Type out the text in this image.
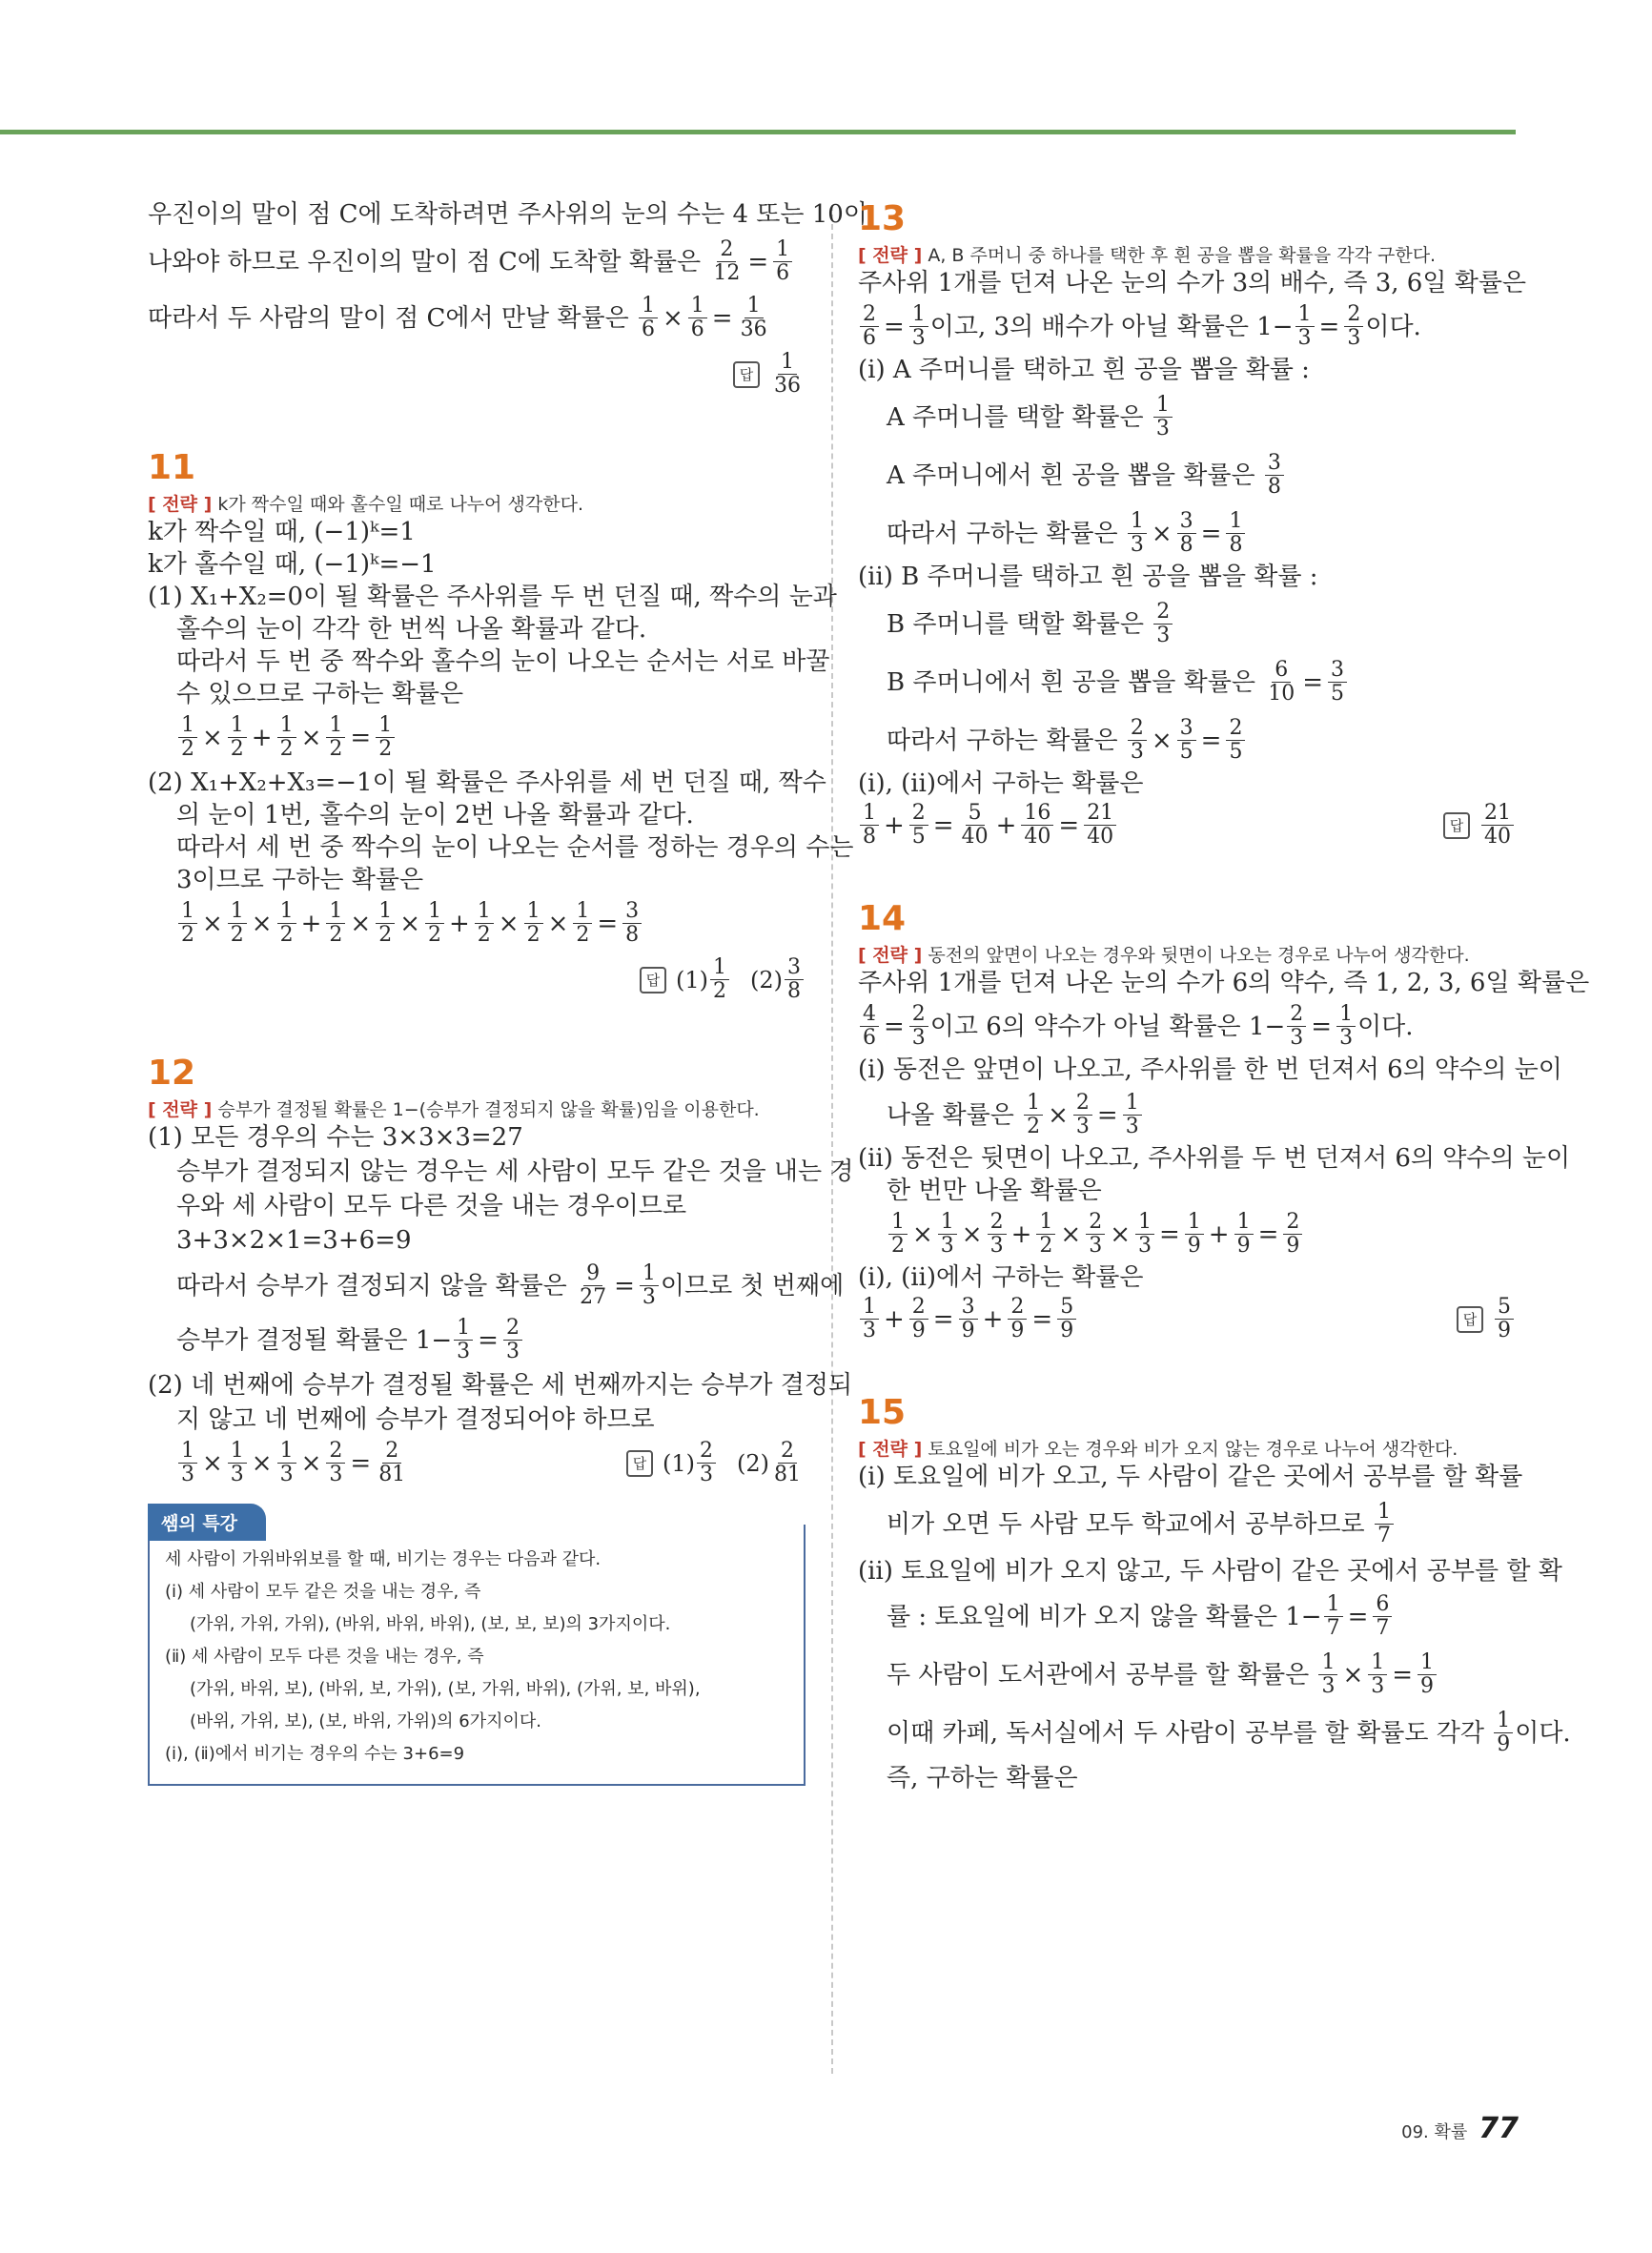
우진이의 말이 점 C에 도착하려면 주사위의 눈의 수는 4 또는 10이

나와야 하므로 우진이의 말이 점 C에 도착할 확률은
$\frac{2}{12} = \frac{1}{6}$
따라서 두 사람의 말이 점 C에서 만날 확률은
$\frac{1}{6} \times \frac{1}{6} = \frac{1}{36}$
답 $\frac{1}{36}$

11

[ 전략 ] k가 짝수일 때와 홀수일 때로 나누어 생각한다.

k가 짝수일 때, (−1)ᵏ=1

k가 홀수일 때, (−1)ᵏ=−1

(1) X₁+X₂=0이 될 확률은 주사위를 두 번 던질 때, 짝수의 눈과

홀수의 눈이 각각 한 번씩 나올 확률과 같다.

따라서 두 번 중 짝수와 홀수의 눈이 나오는 순서는 서로 바꿀

수 있으므로 구하는 확률은

$\frac{1}{2} \times \frac{1}{2} + \frac{1}{2} \times \frac{1}{2} = \frac{1}{2}$

(2) X₁+X₂+X₃=−1이 될 확률은 주사위를 세 번 던질 때, 짝수

의 눈이 1번, 홀수의 눈이 2번 나올 확률과 같다.

따라서 세 번 중 짝수의 눈이 나오는 순서를 정하는 경우의 수는

3이므로 구하는 확률은

$\frac{1}{2} \times \frac{1}{2} \times \frac{1}{2} + \frac{1}{2} \times \frac{1}{2} \times \frac{1}{2} + \frac{1}{2} \times \frac{1}{2} \times \frac{1}{2} = \frac{3}{8}$
답 $(1) \frac{1}{2} (2) \frac{3}{8}$

12

[ 전략 ] 승부가 결정될 확률은 1−(승부가 결정되지 않을 확률)임을 이용한다.

(1) 모든 경우의 수는 3×3×3=27

승부가 결정되지 않는 경우는 세 사람이 모두 같은 것을 내는 경

우와 세 사람이 모두 다른 것을 내는 경우이므로

3+3×2×1=3+6=9

따라서 승부가 결정되지 않을 확률은
$\frac{9}{27} = \frac{1}{3}$ 이므로 첫 번째에
승부가 결정될 확률은 $1- \frac{1}{3} = \frac{2}{3}$

(2) 네 번째에 승부가 결정될 확률은 세 번째까지는 승부가 결정되

지 않고 네 번째에 승부가 결정되어야 하므로

$\frac{1}{3} \times \frac{1}{3} \times \frac{1}{3} \times \frac{2}{3} = \frac{2}{81}$	답 $(1) \frac{2}{3} (2) \frac{2}{81}$
쌤의 특강

세 사람이 가위바위보를 할 때, 비기는 경우는 다음과 같다.

(ⅰ) 세 사람이 모두 같은 것을 내는 경우, 즉

(가위, 가위, 가위), (바위, 바위, 바위), (보, 보, 보)의 3가지이다.

(ⅱ) 세 사람이 모두 다른 것을 내는 경우, 즉

(가위, 바위, 보), (바위, 보, 가위), (보, 가위, 바위), (가위, 보, 바위),

(바위, 가위, 보), (보, 바위, 가위)의 6가지이다.

(ⅰ), (ⅱ)에서 비기는 경우의 수는 3+6=9

13

[ 전략 ] A, B 주머니 중 하나를 택한 후 흰 공을 뽑을 확률을 각각 구한다.

주사위 1개를 던져 나온 눈의 수가 3의 배수, 즉 3, 6일 확률은

$\frac{2}{6} = \frac{1}{3}$ 이고, 3의 배수가 아닐 확률은 $1- \frac{1}{3} = \frac{2}{3}$ 이다.

(ⅰ) A 주머니를 택하고 흰 공을 뽑을 확률 :

A 주머니를 택할 확률은
$\frac{1}{3}$
A 주머니에서 흰 공을 뽑을 확률은
$\frac{3}{8}$
따라서 구하는 확률은
$\frac{1}{3} \times \frac{3}{8} = \frac{1}{8}$

(ⅱ) B 주머니를 택하고 흰 공을 뽑을 확률 :

B 주머니를 택할 확률은
$\frac{2}{3}$
B 주머니에서 흰 공을 뽑을 확률은
$\frac{6}{10} = \frac{3}{5}$
따라서 구하는 확률은
$\frac{2}{3} \times \frac{3}{5} = \frac{2}{5}$

(ⅰ), (ⅱ)에서 구하는 확률은

$\frac{1}{8} + \frac{2}{5} = \frac{5}{40} + \frac{16}{40} = \frac{21}{40}$	답 $\frac{21}{40}$

14

[ 전략 ] 동전의 앞면이 나오는 경우와 뒷면이 나오는 경우로 나누어 생각한다.

주사위 1개를 던져 나온 눈의 수가 6의 약수, 즉 1, 2, 3, 6일 확률은

$\frac{4}{6} = \frac{2}{3}$ 이고 6의 약수가 아닐 확률은 $1- \frac{2}{3} = \frac{1}{3}$ 이다.

(ⅰ) 동전은 앞면이 나오고, 주사위를 한 번 던져서 6의 약수의 눈이

나올 확률은
$\frac{1}{2} \times \frac{2}{3} = \frac{1}{3}$

(ⅱ) 동전은 뒷면이 나오고, 주사위를 두 번 던져서 6의 약수의 눈이

한 번만 나올 확률은

$\frac{1}{2} \times \frac{1}{3} \times \frac{2}{3} + \frac{1}{2} \times \frac{2}{3} \times \frac{1}{3} = \frac{1}{9} + \frac{1}{9} = \frac{2}{9}$

(ⅰ), (ⅱ)에서 구하는 확률은

$\frac{1}{3} + \frac{2}{9} = \frac{3}{9} + \frac{2}{9} = \frac{5}{9}$	답 $\frac{5}{9}$

15

[ 전략 ] 토요일에 비가 오는 경우와 비가 오지 않는 경우로 나누어 생각한다.

(ⅰ) 토요일에 비가 오고, 두 사람이 같은 곳에서 공부를 할 확률

비가 오면 두 사람 모두 학교에서 공부하므로
$\frac{1}{7}$

(ⅱ) 토요일에 비가 오지 않고, 두 사람이 같은 곳에서 공부를 할 확

률 : 토요일에 비가 오지 않을 확률은 $1- \frac{1}{7} = \frac{6}{7}$
두 사람이 도서관에서 공부를 할 확률은
$\frac{1}{3} \times \frac{1}{3} = \frac{1}{9}$
이때 카페, 독서실에서 두 사람이 공부를 할 확률도 각각
$\frac{1}{9}$ 이다.

즉, 구하는 확률은

09. 확률 77
